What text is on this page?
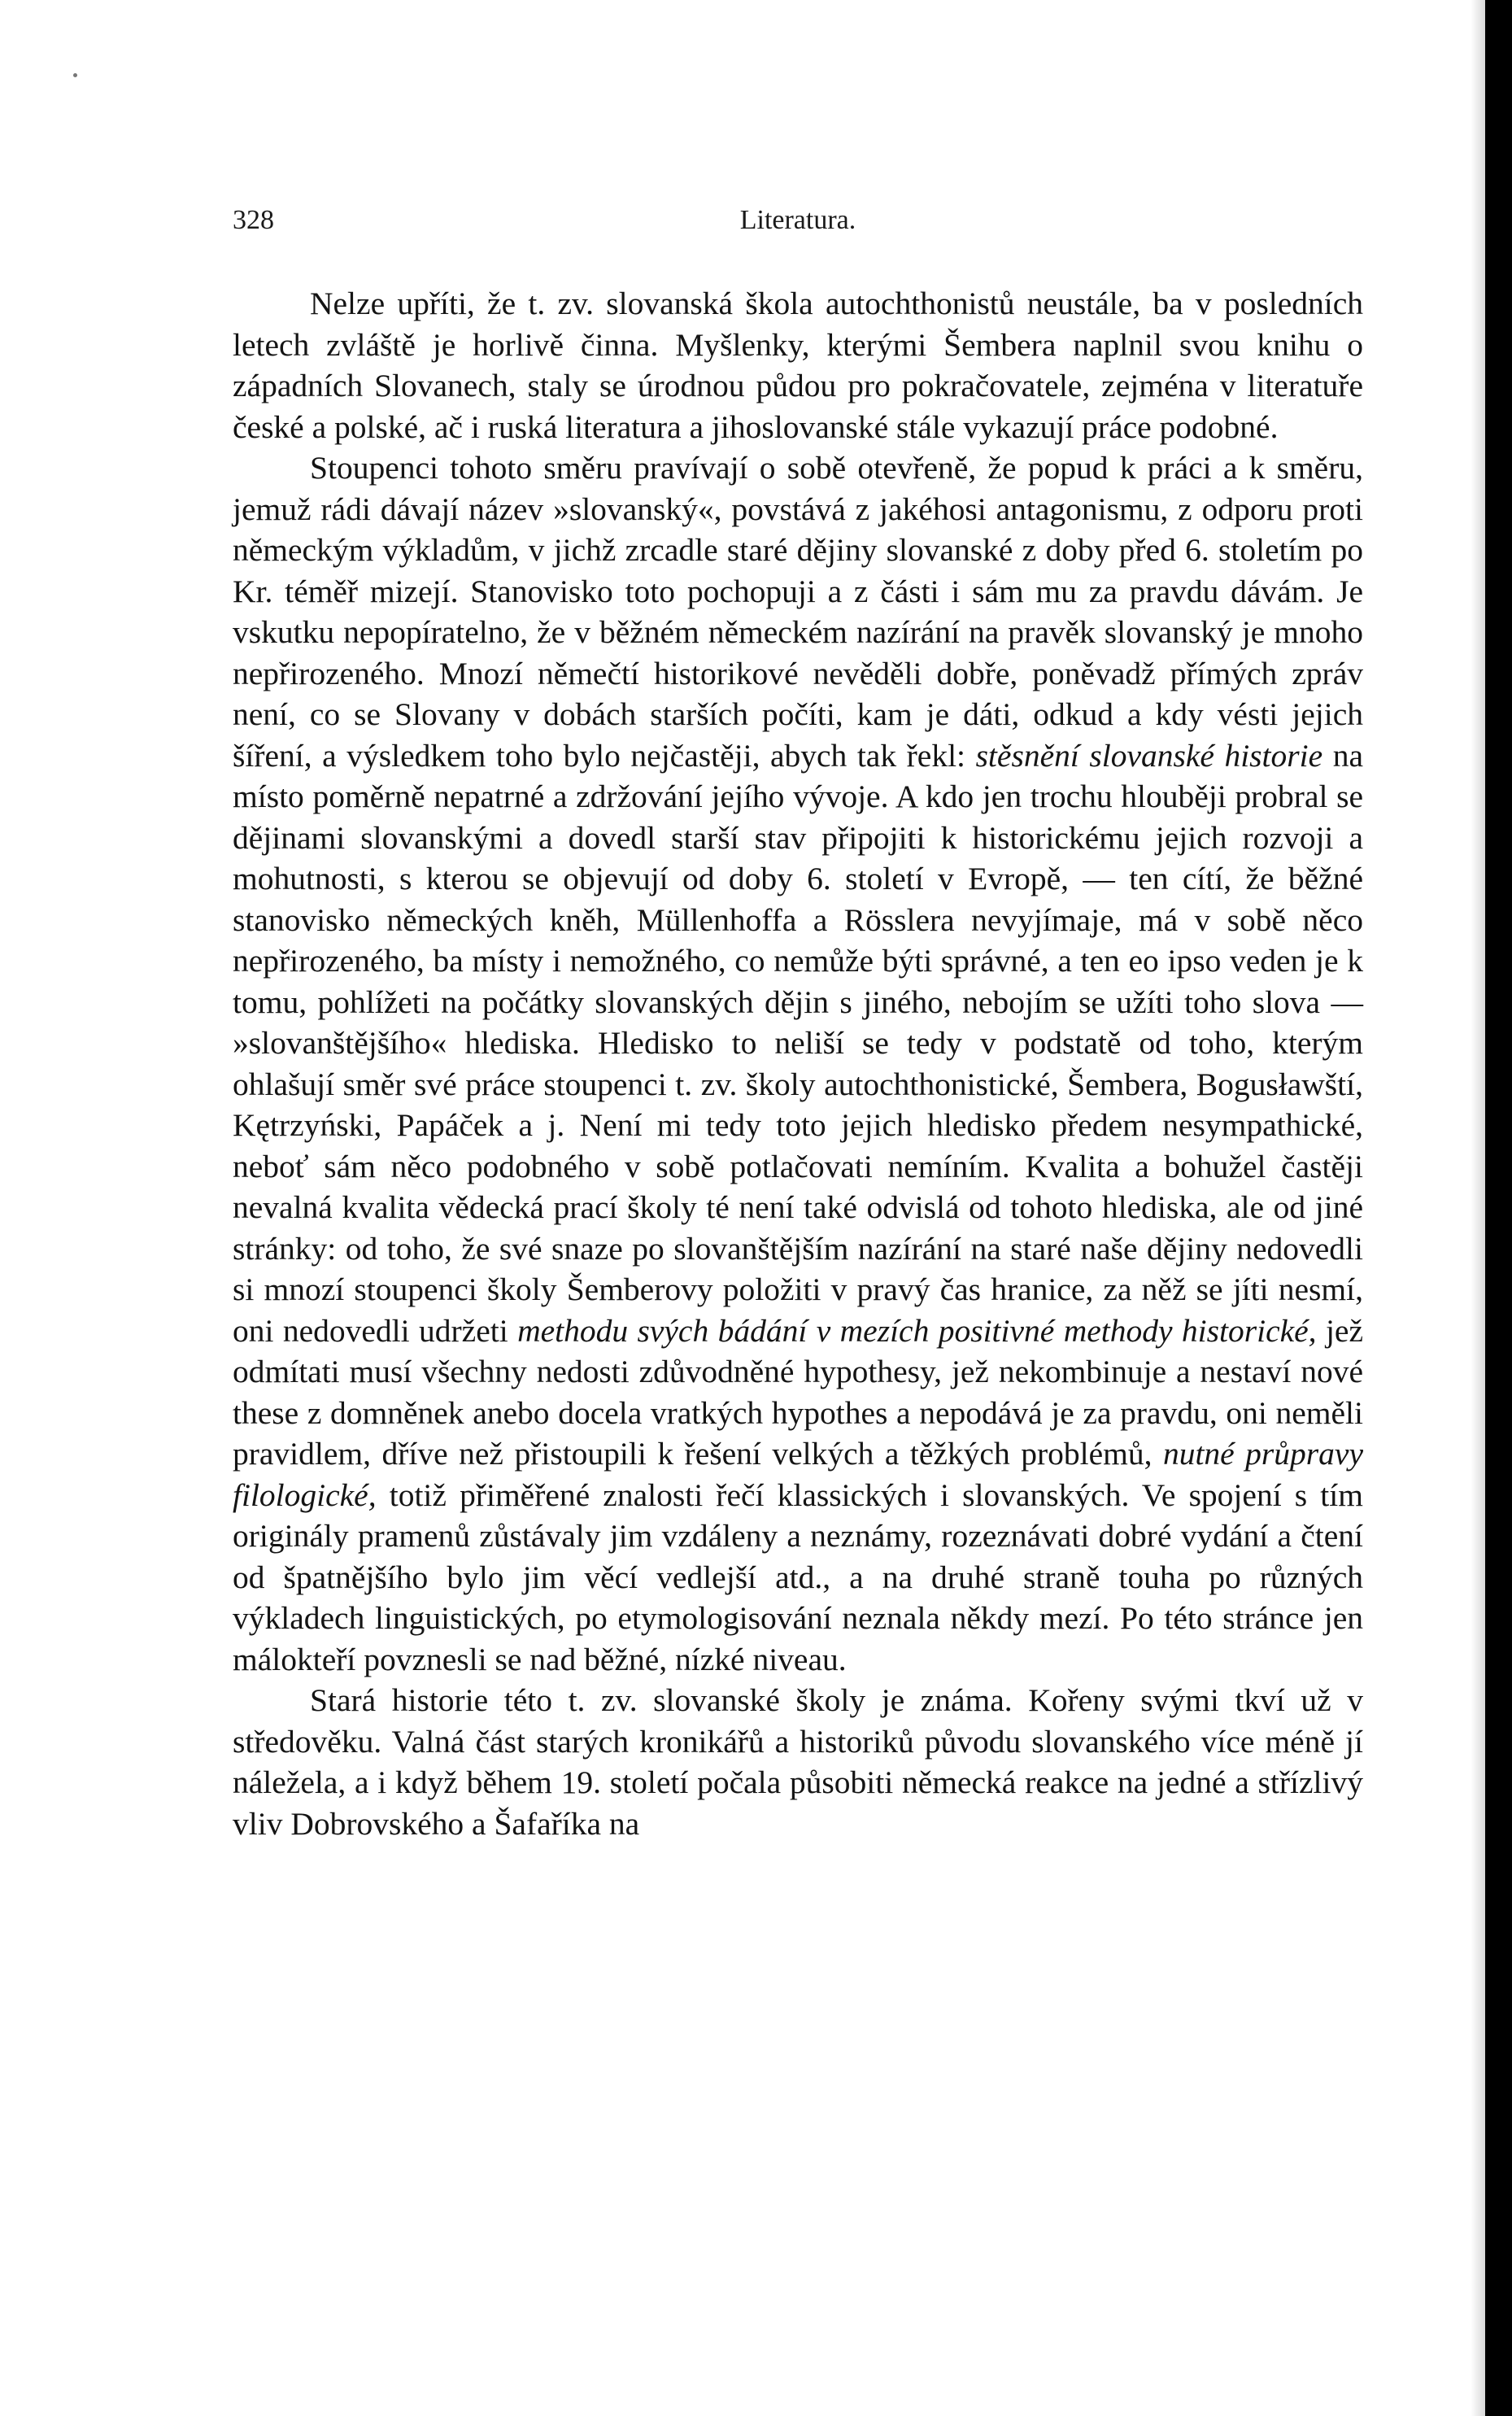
328	Literatura.

Nelze upříti, že t. zv. slovanská škola autochthonistů neustále, ba v posledních letech zvláště je horlivě činna. Myšlenky, kterými Šembera naplnil svou knihu o západních Slovanech, staly se úrodnou půdou pro pokračovatele, zejména v literatuře české a polské, ač i ruská literatura a jihoslovanské stále vykazují práce podobné.

Stoupenci tohoto směru pravívají o sobě otevřeně, že popud k práci a k směru, jemuž rádi dávají název »slovanský«, povstává z jakéhosi antagonismu, z odporu proti německým výkladům, v jichž zrcadle staré dějiny slovanské z doby před 6. stoletím po Kr. téměř mizejí. Stanovisko toto pochopuji a z části i sám mu za pravdu dávám. Je vskutku nepopíratelno, že v běžném německém nazírání na pravěk slovanský je mnoho nepřirozeného. Mnozí němečtí historikové nevěděli dobře, poněvadž přímých zpráv není, co se Slovany v dobách starších počíti, kam je dáti, odkud a kdy vésti jejich šíření, a výsledkem toho bylo nejčastěji, abych tak řekl: stěsnění slovanské historie na místo poměrně nepatrné a zdržování jejího vývoje. A kdo jen trochu hlouběji probral se dějinami slovanskými a dovedl starší stav připojiti k historickému jejich rozvoji a mohutnosti, s kterou se objevují od doby 6. století v Evropě, — ten cítí, že běžné stanovisko německých kněh, Müllenhoffa a Rösslera nevyjímaje, má v sobě něco nepřirozeného, ba místy i nemožného, co nemůže býti správné, a ten eo ipso veden je k tomu, pohlížeti na počátky slovanských dějin s jiného, nebojím se užíti toho slova — »slovanštějšího« hlediska. Hledisko to neliší se tedy v podstatě od toho, kterým ohlašují směr své práce stoupenci t. zv. školy autochthonistické, Šembera, Bogusławští, Kętrzyński, Papáček a j. Není mi tedy toto jejich hledisko předem nesympathické, neboť sám něco podobného v sobě potlačovati nemíním. Kvalita a bohužel častěji nevalná kvalita vědecká prací školy té není také odvislá od tohoto hlediska, ale od jiné stránky: od toho, že své snaze po slovanštějším nazírání na staré naše dějiny nedovedli si mnozí stoupenci školy Šemberovy položiti v pravý čas hranice, za něž se jíti nesmí, oni nedovedli udržeti methodu svých bádání v mezích positivné methody historické, jež odmítati musí všechny nedosti zdůvodněné hypothesy, jež nekombinuje a nestaví nové these z domněnek anebo docela vratkých hypothes a nepodává je za pravdu, oni neměli pravidlem, dříve než přistoupili k řešení velkých a těžkých problémů, nutné průpravy filologické, totiž přiměřené znalosti řečí klassických i slovanských. Ve spojení s tím originály pramenů zůstávaly jim vzdáleny a neznámy, rozeznávati dobré vydání a čtení od špatnějšího bylo jim věcí vedlejší atd., a na druhé straně touha po různých výkladech linguistických, po etymologisování neznala někdy mezí. Po této stránce jen málokteří povznesli se nad běžné, nízké niveau.

Stará historie této t. zv. slovanské školy je známa. Kořeny svými tkví už v středověku. Valná část starých kronikářů a historiků původu slovanského více méně jí náležela, a i když během 19. století počala působiti německá reakce na jedné a střízlivý vliv Dobrovského a Šafaříka na
